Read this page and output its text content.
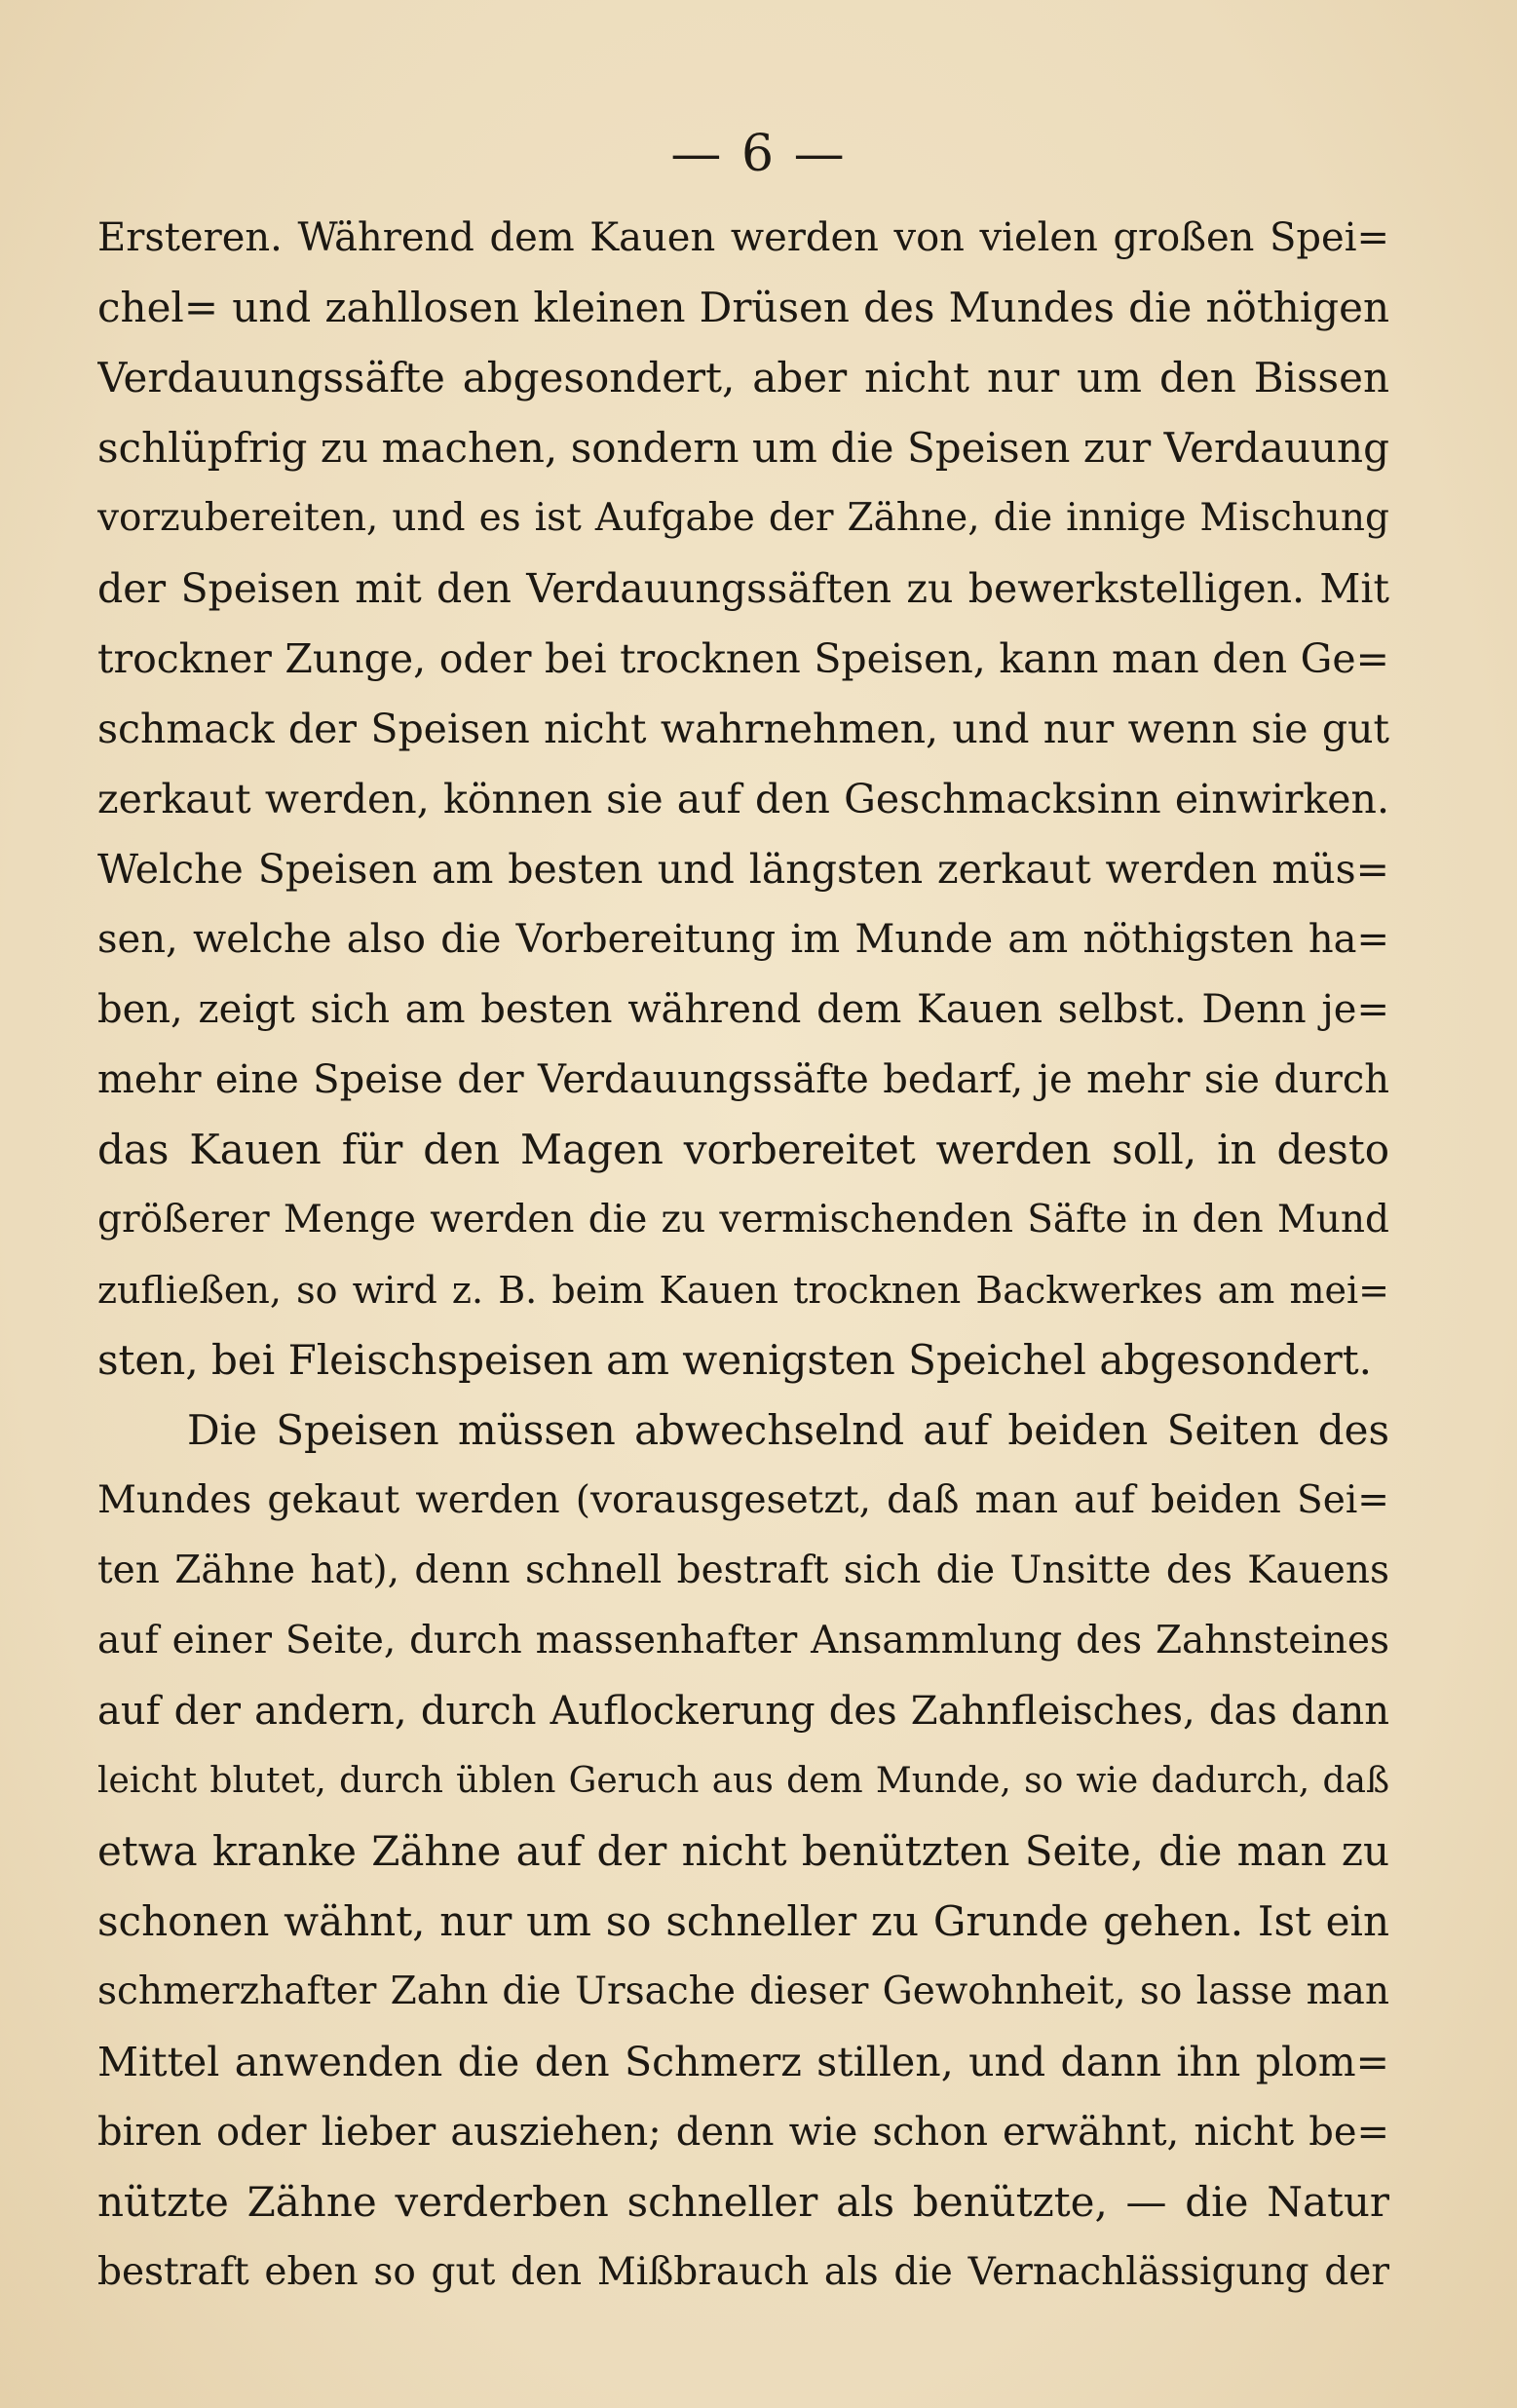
— 6 —
Ersteren. Während dem Kauen werden von vielen großen Spei=
chel= und zahllosen kleinen Drüsen des Mundes die nöthigen
Verdauungssäfte abgesondert, aber nicht nur um den Bissen
schlüpfrig zu machen, sondern um die Speisen zur Verdauung
vorzubereiten, und es ist Aufgabe der Zähne, die innige Mischung
der Speisen mit den Verdauungssäften zu bewerkstelligen. Mit
trockner Zunge, oder bei trocknen Speisen, kann man den Ge=
schmack der Speisen nicht wahrnehmen, und nur wenn sie gut
zerkaut werden, können sie auf den Geschmacksinn einwirken.
Welche Speisen am besten und längsten zerkaut werden müs=
sen, welche also die Vorbereitung im Munde am nöthigsten ha=
ben, zeigt sich am besten während dem Kauen selbst. Denn je=
mehr eine Speise der Verdauungssäfte bedarf, je mehr sie durch
das Kauen für den Magen vorbereitet werden soll, in desto
größerer Menge werden die zu vermischenden Säfte in den Mund
zufließen, so wird z. B. beim Kauen trocknen Backwerkes am mei=
sten, bei Fleischspeisen am wenigsten Speichel abgesondert.
Die Speisen müssen abwechselnd auf beiden Seiten des
Mundes gekaut werden (vorausgesetzt, daß man auf beiden Sei=
ten Zähne hat), denn schnell bestraft sich die Unsitte des Kauens
auf einer Seite, durch massenhafter Ansammlung des Zahnsteines
auf der andern, durch Auflockerung des Zahnfleisches, das dann
leicht blutet, durch üblen Geruch aus dem Munde, so wie dadurch, daß
etwa kranke Zähne auf der nicht benützten Seite, die man zu
schonen wähnt, nur um so schneller zu Grunde gehen. Ist ein
schmerzhafter Zahn die Ursache dieser Gewohnheit, so lasse man
Mittel anwenden die den Schmerz stillen, und dann ihn plom=
biren oder lieber ausziehen; denn wie schon erwähnt, nicht be=
nützte Zähne verderben schneller als benützte, — die Natur
bestraft eben so gut den Mißbrauch als die Vernachlässigung der
